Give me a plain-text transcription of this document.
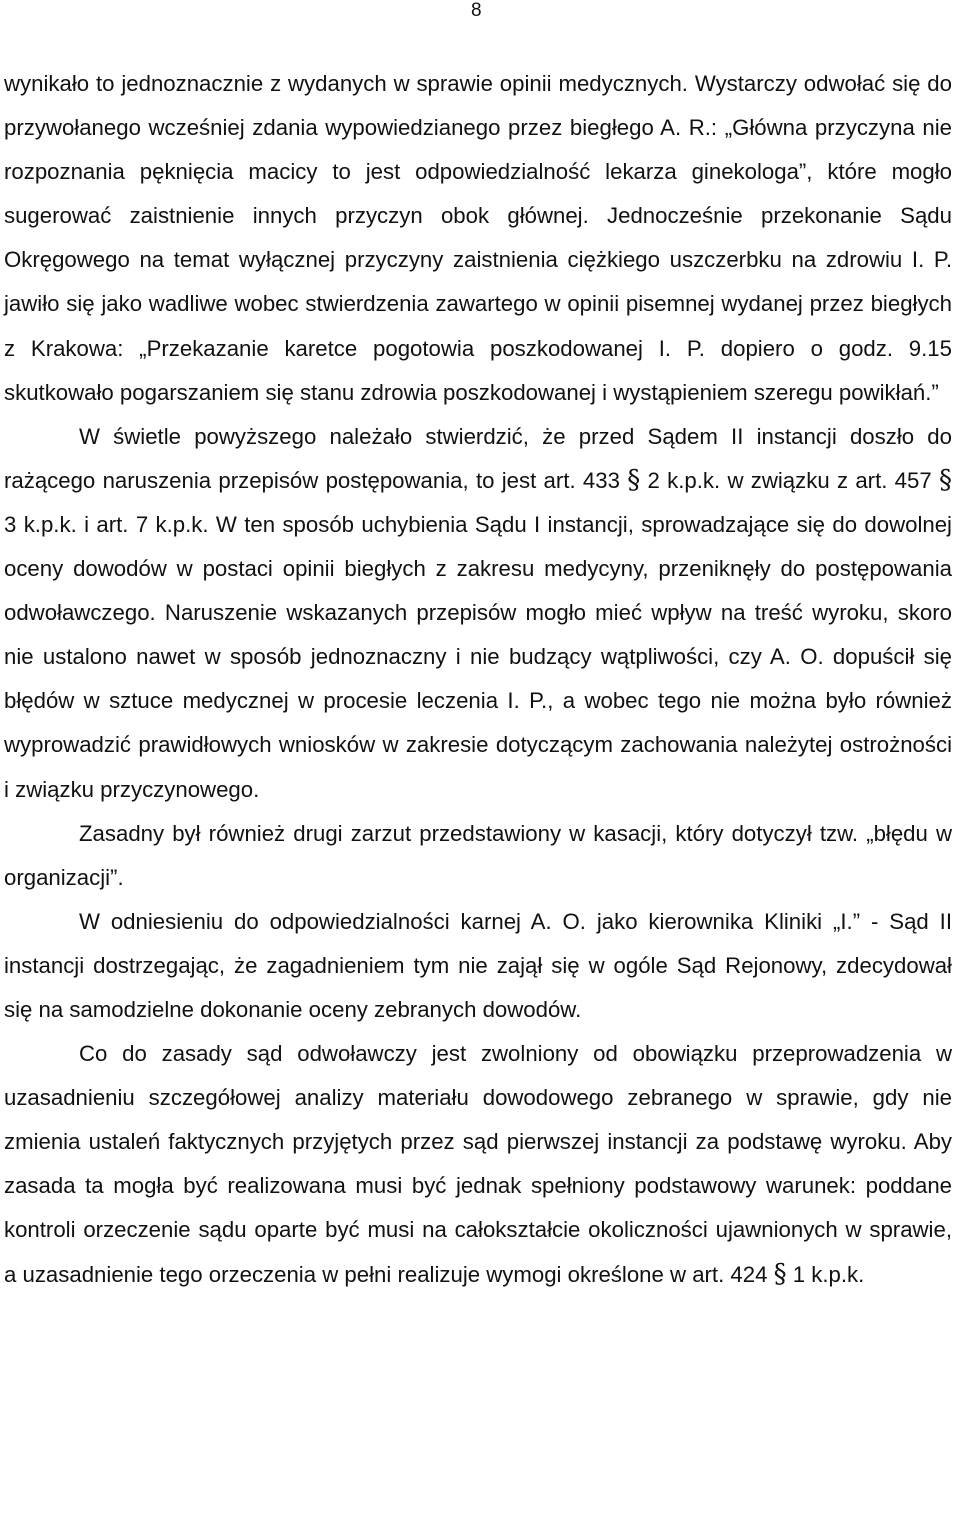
8

wynikało to jednoznacznie z wydanych w sprawie opinii medycznych. Wystarczy odwołać się do przywołanego wcześniej zdania wypowiedzianego przez biegłego A. R.: „Główna przyczyna nie rozpoznania pęknięcia macicy to jest odpowiedzialność lekarza ginekologa”, które mogło sugerować zaistnienie innych przyczyn obok głównej. Jednocześnie przekonanie Sądu Okręgowego na temat wyłącznej przyczyny zaistnienia ciężkiego uszczerbku na zdrowiu I. P. jawiło się jako wadliwe wobec stwierdzenia zawartego w opinii pisemnej wydanej przez biegłych z Krakowa: „Przekazanie karetce pogotowia poszkodowanej I. P. dopiero o godz. 9.15 skutkowało pogarszaniem się stanu zdrowia poszkodowanej i wystąpieniem szeregu powikłań.”

W świetle powyższego należało stwierdzić, że przed Sądem II instancji doszło do rażącego naruszenia przepisów postępowania, to jest art. 433 § 2 k.p.k. w związku z art. 457 § 3 k.p.k. i art. 7 k.p.k. W ten sposób uchybienia Sądu I instancji, sprowadzające się do dowolnej oceny dowodów w postaci opinii biegłych z zakresu medycyny, przeniknęły do postępowania odwoławczego. Naruszenie wskazanych przepisów mogło mieć wpływ na treść wyroku, skoro nie ustalono nawet w sposób jednoznaczny i nie budzący wątpliwości, czy A. O. dopuścił się błędów w sztuce medycznej w procesie leczenia I. P., a wobec tego nie można było również wyprowadzić prawidłowych wniosków w zakresie dotyczącym zachowania należytej ostrożności i związku przyczynowego.

Zasadny był również drugi zarzut przedstawiony w kasacji, który dotyczył tzw. „błędu w organizacji”.

W odniesieniu do odpowiedzialności karnej A. O. jako kierownika Kliniki „I.” - Sąd II instancji dostrzegając, że zagadnieniem tym nie zajął się w ogóle Sąd Rejonowy, zdecydował się na samodzielne dokonanie oceny zebranych dowodów.

Co do zasady sąd odwoławczy jest zwolniony od obowiązku przeprowadzenia w uzasadnieniu szczegółowej analizy materiału dowodowego zebranego w sprawie, gdy nie zmienia ustaleń faktycznych przyjętych przez sąd pierwszej instancji za podstawę wyroku. Aby zasada ta mogła być realizowana musi być jednak spełniony podstawowy warunek: poddane kontroli orzeczenie sądu oparte być musi na całokształcie okoliczności ujawnionych w sprawie, a uzasadnienie tego orzeczenia w pełni realizuje wymogi określone w art. 424 § 1 k.p.k.
